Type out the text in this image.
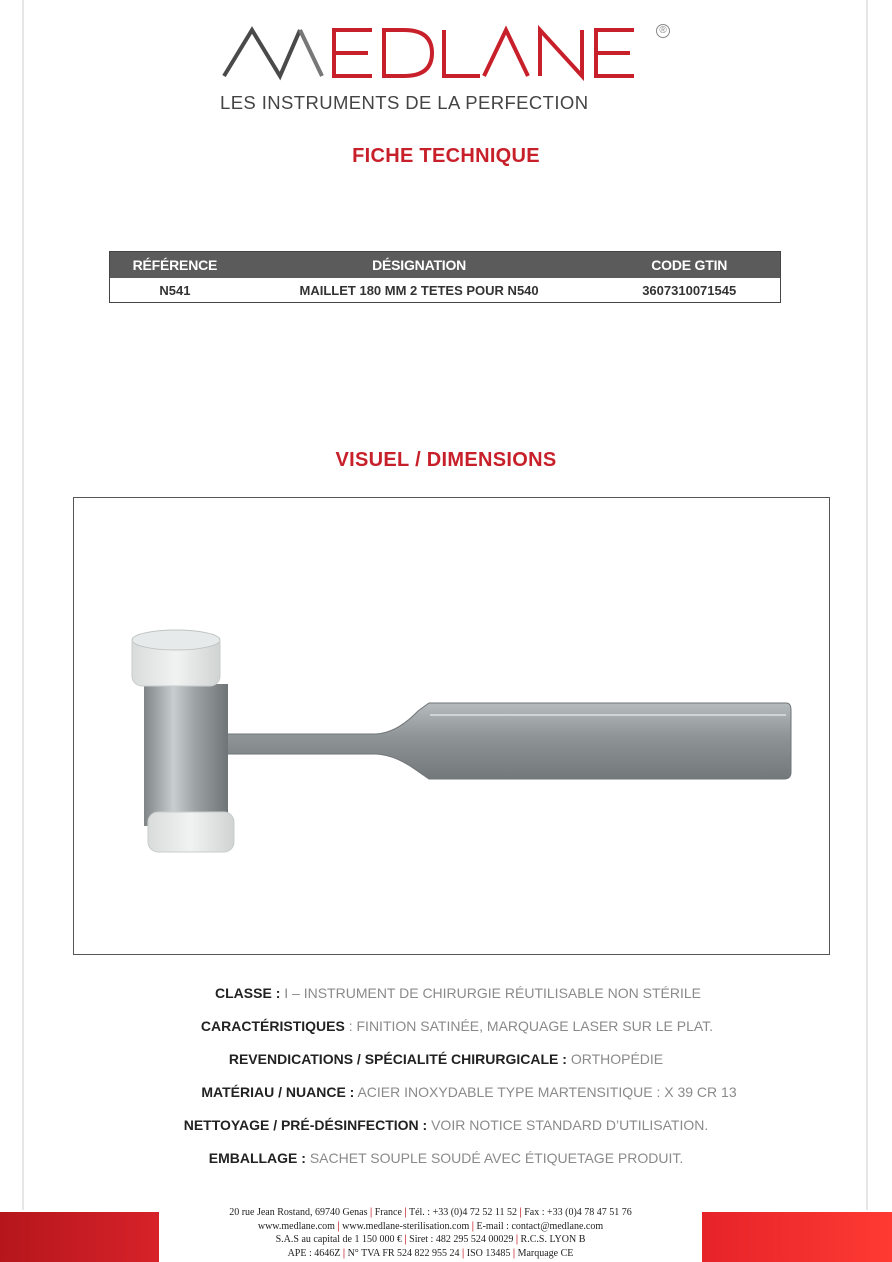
®
LES INSTRUMENTS DE LA PERFECTION
FICHE TECHNIQUE
RÉFÉRENCE	DÉSIGNATION	CODE GTIN
N541	MAILLET 180 MM 2 TETES POUR N540	3607310071545
VISUEL / DIMENSIONS
CLASSE : I – INSTRUMENT DE CHIRURGIE RÉUTILISABLE NON STÉRILE
CARACTÉRISTIQUES : FINITION SATINÉE, MARQUAGE LASER SUR LE PLAT.
REVENDICATIONS / SPÉCIALITÉ CHIRURGICALE : ORTHOPÉDIE
MATÉRIAU / NUANCE : ACIER INOXYDABLE TYPE MARTENSITIQUE : X 39 CR 13
NETTOYAGE / PRÉ-DÉSINFECTION : VOIR NOTICE STANDARD D’UTILISATION.
EMBALLAGE : SACHET SOUPLE SOUDÉ AVEC ÉTIQUETAGE PRODUIT.
20 rue Jean Rostand, 69740 Genas | France | Tél. : +33 (0)4 72 52 11 52 | Fax : +33 (0)4 78 47 51 76
www.medlane.com | www.medlane-sterilisation.com | E-mail : contact@medlane.com
S.A.S au capital de 1 150 000 € | Siret : 482 295 524 00029 | R.C.S. LYON B
APE : 4646Z | N° TVA FR 524 822 955 24 | ISO 13485 | Marquage CE
